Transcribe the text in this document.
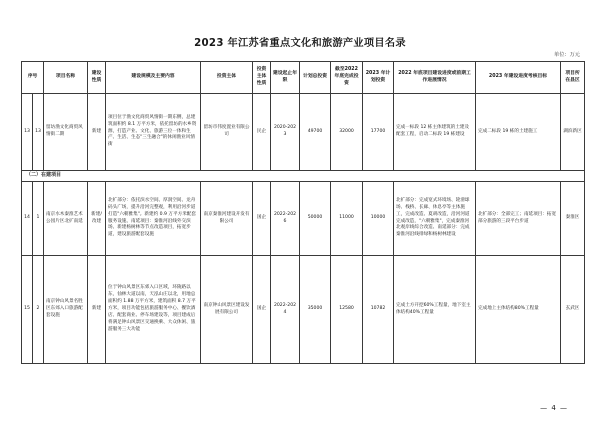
2023 年江苏省重点文化和旅游产业项目名录
单位：万元
序号		项目名称	建设性质	建设规模及主要内容	投资主体	投资主体性质	建设起止年限	计划总投资	截至2022 年底完成投资	2023 年计划投资	2022 年底项目建设进度或前期工作进展情况	2023 年建设进度考核目标	项目所在县区
13	13	留坊渔文化商贸风情街二期	新建	项目位于渔文化商贸风情街一期东侧，总建筑面积约 8.1 万平方米，依托留坊的水乡资源，打造产业、文化、旅游三位一体和生产、生活、生态"三生融合"的休闲渔业风情街	留坊市伟度置业有限公司	民企	2020-2023	49700	32000	17700	完成一标段 12 栋主体建筑的土建及配套工程，启动二标段 19 栋建设	完成二标段 19 栋的土建施工	湖滨新区
（二）在建项目													
14	1	南京水木秦淮艺术公园片区北扩南延	新建/改建	北扩部分：依托滨水空间、厚润空间、龙舟码头广场，提升沿河完整观，利用沿河步道打造"六朝雅集"。新建约 0.9 万平方米配套服务设施、南延项目：秦淮河沿线外交滨场、新建杨树林等节点改造项目，拓宽步道，建设旅游配套设施	南京秦淮河建设开发有限公司	国企	2022-2026	50000	11000	10000	北扩部分：完成宽式环境场、轮滑球场、栈桥、长廊、休息亭等主体施工，完成改造、夏胡改造，沿河河道完成改造，"六朝雅集"，完成秦淮河北观岸线综合改造、南延部分：完成秦淮河沿线排绿和杨树林建设	北扩部分：全部完工；南延项目：拓宽部分旅游的三段平台步道	秦淮区
15	2	南京钟山风景名胜区东郊入口旅游配套设施	新建	位于钟山风景区东郊入口区域，环陵路以东，仙林大道以南，天泓山庄以北，用地总面积约 1.88 万平方米，建筑面积 8.7 万平方米，项目功能包括旅游服务中心、餐饮酒店、配套商业、停车场建设等，项目建成后将满足钟山风景区交通换乘、大众休闲、旅游服务三大功能	南京钟山风景区建设发展有限公司	国企	2022-2024	35000	12580	10782	完成土方开挖60%工程量，地下室主体结构40%工程量	完成地上主体结构80%工程量	玄武区
— 4 —
